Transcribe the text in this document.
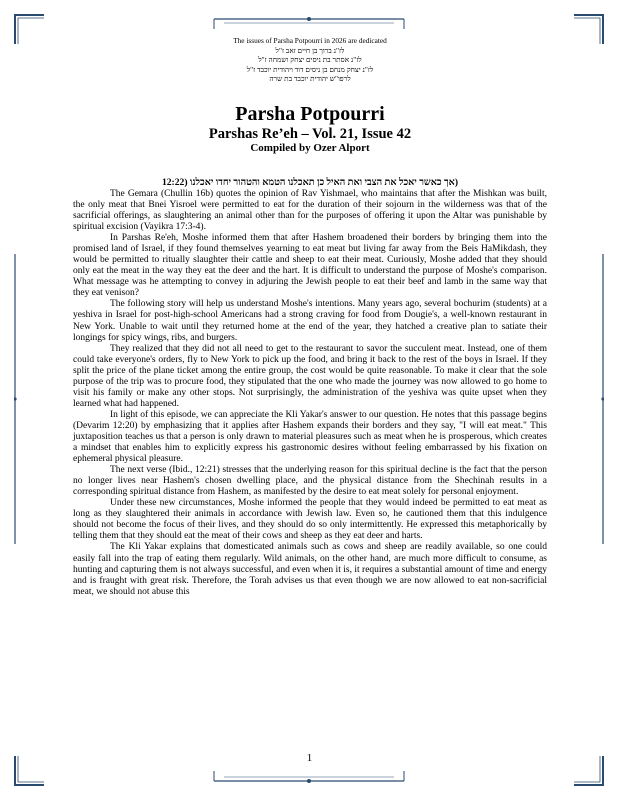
The issues of Parsha Potpourri in 2026 are dedicated
לז"נ ברוך בן חיים זאב ז"ל
לז"נ אסתר בת ניסים יצחק ושמחה ז"ל
לז"נ יצחק מנחם בן ניסים דוד ויהודית יוכבד ז"ל
לרפו"ש יהודית יוכבד בת שרה
Parsha Potpourri
Parshas Re’eh – Vol. 21, Issue 42
Compiled by Ozer Alport
(אך כאשר יאכל את הצבי ואת האיל כן תאכלנו הטמא והטהור יחדו יאכלנו (12:22

The Gemara (Chullin 16b) quotes the opinion of Rav Yishmael, who maintains that after the Mishkan was built, the only meat that Bnei Yisroel were permitted to eat for the duration of their sojourn in the wilderness was that of the sacrificial offerings, as slaughtering an animal other than for the purposes of offering it upon the Altar was punishable by spiritual excision (Vayikra 17:3-4).

In Parshas Re'eh, Moshe informed them that after Hashem broadened their borders by bringing them into the promised land of Israel, if they found themselves yearning to eat meat but living far away from the Beis HaMikdash, they would be permitted to ritually slaughter their cattle and sheep to eat their meat. Curiously, Moshe added that they should only eat the meat in the way they eat the deer and the hart. It is difficult to understand the purpose of Moshe's comparison. What message was he attempting to convey in adjuring the Jewish people to eat their beef and lamb in the same way that they eat venison?

The following story will help us understand Moshe's intentions. Many years ago, several bochurim (students) at a yeshiva in Israel for post-high-school Americans had a strong craving for food from Dougie's, a well-known restaurant in New York. Unable to wait until they returned home at the end of the year, they hatched a creative plan to satiate their longings for spicy wings, ribs, and burgers.

They realized that they did not all need to get to the restaurant to savor the succulent meat. Instead, one of them could take everyone's orders, fly to New York to pick up the food, and bring it back to the rest of the boys in Israel. If they split the price of the plane ticket among the entire group, the cost would be quite reasonable. To make it clear that the sole purpose of the trip was to procure food, they stipulated that the one who made the journey was now allowed to go home to visit his family or make any other stops. Not surprisingly, the administration of the yeshiva was quite upset when they learned what had happened.

In light of this episode, we can appreciate the Kli Yakar's answer to our question. He notes that this passage begins (Devarim 12:20) by emphasizing that it applies after Hashem expands their borders and they say, "I will eat meat." This juxtaposition teaches us that a person is only drawn to material pleasures such as meat when he is prosperous, which creates a mindset that enables him to explicitly express his gastronomic desires without feeling embarrassed by his fixation on ephemeral physical pleasure.

The next verse (Ibid., 12:21) stresses that the underlying reason for this spiritual decline is the fact that the person no longer lives near Hashem's chosen dwelling place, and the physical distance from the Shechinah results in a corresponding spiritual distance from Hashem, as manifested by the desire to eat meat solely for personal enjoyment.

Under these new circumstances, Moshe informed the people that they would indeed be permitted to eat meat as long as they slaughtered their animals in accordance with Jewish law. Even so, he cautioned them that this indulgence should not become the focus of their lives, and they should do so only intermittently. He expressed this metaphorically by telling them that they should eat the meat of their cows and sheep as they eat deer and harts.

The Kli Yakar explains that domesticated animals such as cows and sheep are readily available, so one could easily fall into the trap of eating them regularly. Wild animals, on the other hand, are much more difficult to consume, as hunting and capturing them is not always successful, and even when it is, it requires a substantial amount of time and energy and is fraught with great risk. Therefore, the Torah advises us that even though we are now allowed to eat non-sacrificial meat, we should not abuse this

1
